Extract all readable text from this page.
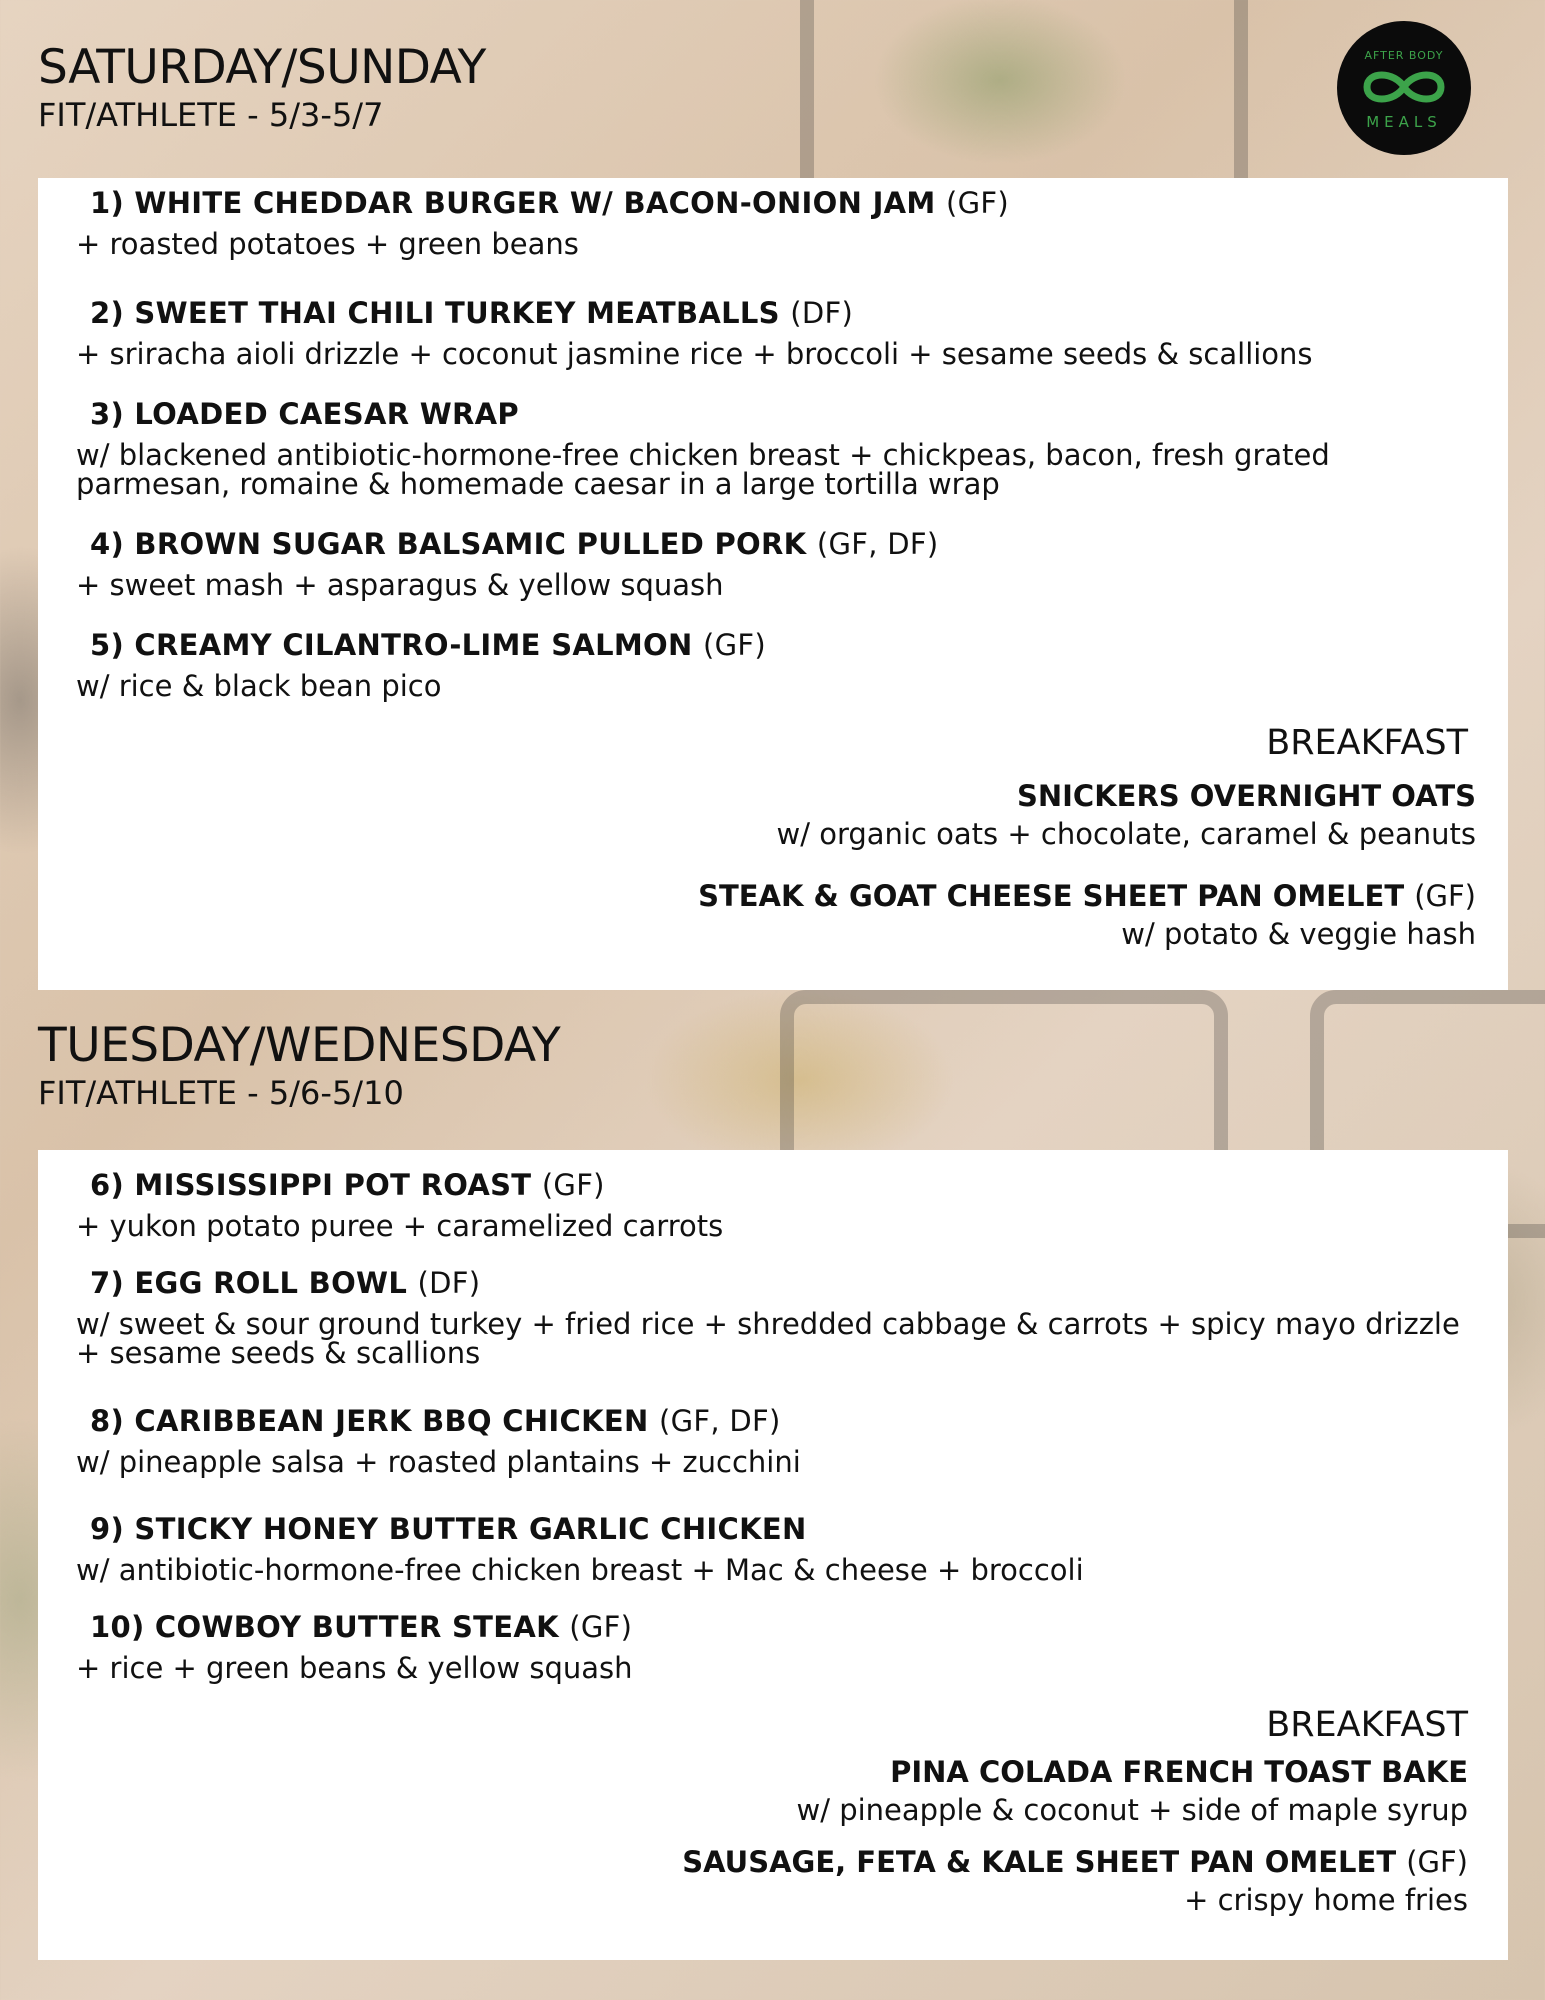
SATURDAY/SUNDAY
FIT/ATHLETE - 5/3-5/7
AFTER BODY
MEALS
1) WHITE CHEDDAR BURGER W/ BACON-ONION JAM (GF)
+ roasted potatoes + green beans
2) SWEET THAI CHILI TURKEY MEATBALLS (DF)
+ sriracha aioli drizzle + coconut jasmine rice + broccoli + sesame seeds & scallions
3) LOADED CAESAR WRAP
w/ blackened antibiotic-hormone-free chicken breast + chickpeas, bacon, fresh grated parmesan, romaine & homemade caesar in a large tortilla wrap
4) BROWN SUGAR BALSAMIC PULLED PORK (GF, DF)
+ sweet mash + asparagus & yellow squash
5) CREAMY CILANTRO-LIME SALMON (GF)
w/ rice & black bean pico
BREAKFAST
SNICKERS OVERNIGHT OATS
w/ organic oats + chocolate, caramel & peanuts
STEAK & GOAT CHEESE SHEET PAN OMELET (GF)
w/ potato & veggie hash
TUESDAY/WEDNESDAY
FIT/ATHLETE - 5/6-5/10
6) MISSISSIPPI POT ROAST (GF)
+ yukon potato puree + caramelized carrots
7) EGG ROLL BOWL (DF)
w/ sweet & sour ground turkey + fried rice + shredded cabbage & carrots + spicy mayo drizzle + sesame seeds & scallions
8) CARIBBEAN JERK BBQ CHICKEN (GF, DF)
w/ pineapple salsa + roasted plantains + zucchini
9) STICKY HONEY BUTTER GARLIC CHICKEN
w/ antibiotic-hormone-free chicken breast + Mac & cheese + broccoli
10) COWBOY BUTTER STEAK (GF)
+ rice + green beans & yellow squash
BREAKFAST
PINA COLADA FRENCH TOAST BAKE
w/ pineapple & coconut + side of maple syrup
SAUSAGE, FETA & KALE SHEET PAN OMELET (GF)
+ crispy home fries
